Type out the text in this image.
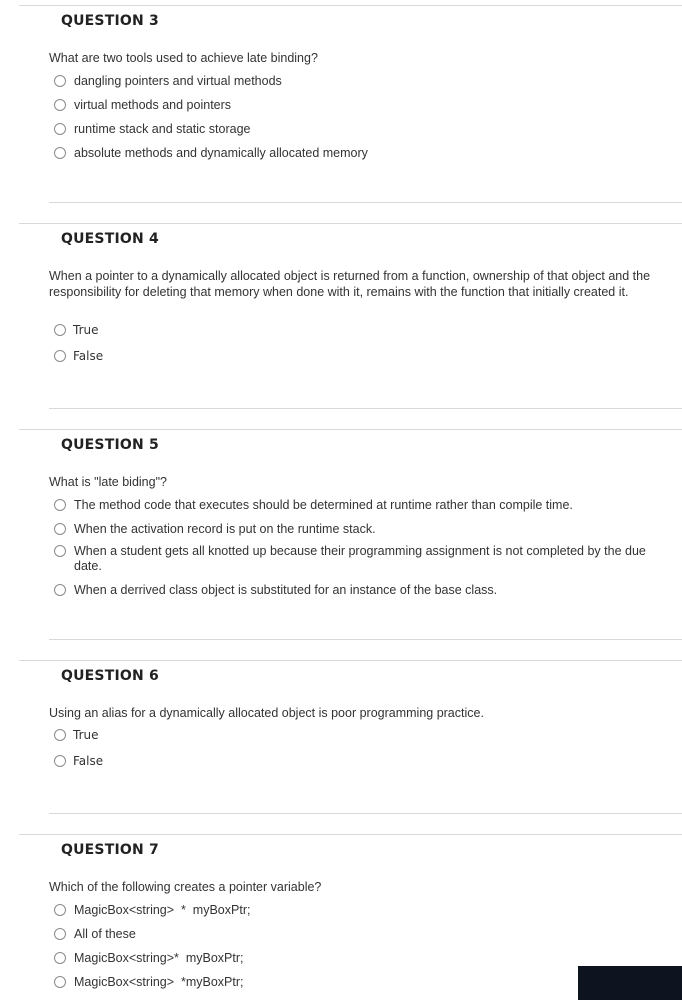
QUESTION 3
What are two tools used to achieve late binding?
dangling pointers and virtual methods
virtual methods and pointers
runtime stack and static storage
absolute methods and dynamically allocated memory
QUESTION 4
When a pointer to a dynamically allocated object is returned from a function, ownership of that object and the responsibility for deleting that memory when done with it, remains with the function that initially created it.
True
False
QUESTION 5
What is "late biding"?
The method code that executes should be determined at runtime rather than compile time.
When the activation record is put on the runtime stack.
When a student gets all knotted up because their programming assignment is not completed by the due date.
When a derrived class object is substituted for an instance of the base class.
QUESTION 6
Using an alias for a dynamically allocated object is poor programming practice.
True
False
QUESTION 7
Which of the following creates a pointer variable?
MagicBox<string>  *  myBoxPtr;
All of these
MagicBox<string>*  myBoxPtr;
MagicBox<string>  *myBoxPtr;
